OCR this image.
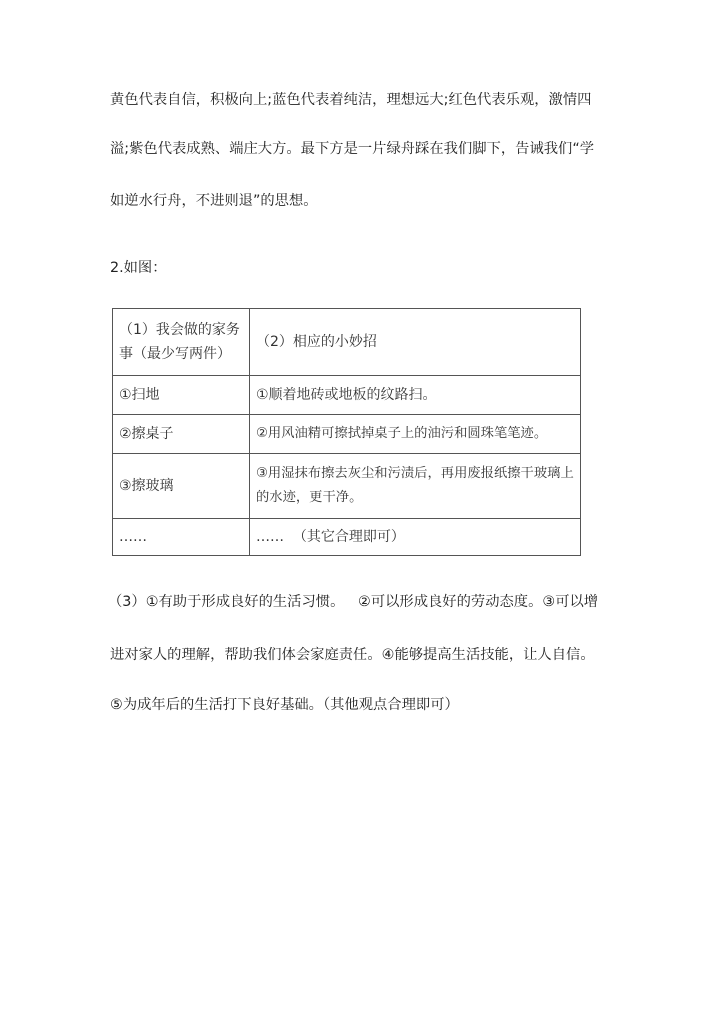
黄色代表自信，积极向上;蓝色代表着纯洁，理想远大;红色代表乐观，激情四
溢;紫色代表成熟、端庄大方。最下方是一片绿舟踩在我们脚下，告诫我们“学
如逆水行舟，不进则退”的思想。
2.如图：
（1）我会做的家务事（最少写两件）	（2）相应的小妙招
①扫地	①顺着地砖或地板的纹路扫。
②擦桌子	②用风油精可擦拭掉桌子上的油污和圆珠笔笔迹。
③擦玻璃	③用湿抹布擦去灰尘和污渍后，再用废报纸擦干玻璃上的水迹，更干净。
……	……  （其它合理即可）
（3）①有助于形成良好的生活习惯。   ②可以形成良好的劳动态度。③可以增
进对家人的理解，帮助我们体会家庭责任。④能够提高生活技能，让人自信。
⑤为成年后的生活打下良好基础。（其他观点合理即可）
